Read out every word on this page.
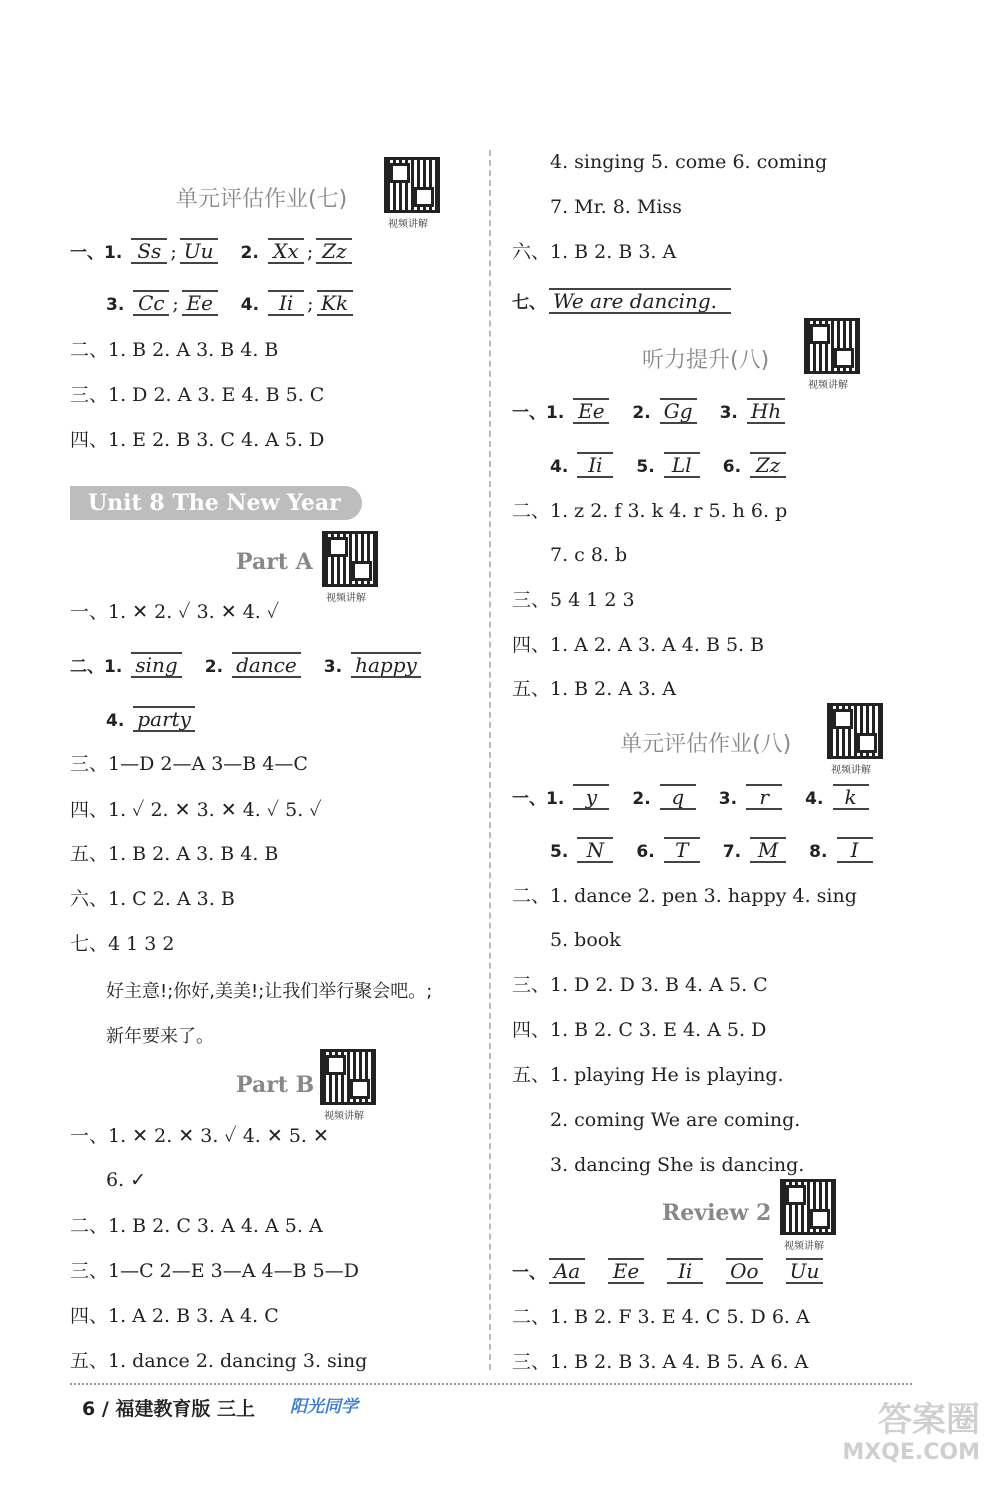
单元评估作业(七)
视频讲解
一、1. Ss ; Uu 2. Xx ; Zz
3. Cc ; Ee 4. Ii ; Kk
二、1. B 2. A 3. B 4. B
三、1. D 2. A 3. E 4. B 5. C
四、1. E 2. B 3. C 4. A 5. D
Unit 8 The New Year
Part A
视频讲解
一、1. ✕ 2. ✓ 3. ✕ 4. ✓
二、1. sing 2. dance 3. happy
4. party
三、1—D 2—A 3—B 4—C
四、1. ✓ 2. ✕ 3. ✕ 4. ✓ 5. ✓
五、1. B 2. A 3. B 4. B
六、1. C 2. A 3. B
七、4 1 3 2
好主意!;你好,美美!;让我们举行聚会吧。;
新年要来了。
Part B
视频讲解
一、1. ✕ 2. ✕ 3. ✓ 4. ✕ 5. ✕
6. ✓
二、1. B 2. C 3. A 4. A 5. A
三、1—C 2—E 3—A 4—B 5—D
四、1. A 2. B 3. A 4. C
五、1. dance 2. dancing 3. sing
4. singing 5. come 6. coming
7. Mr. 8. Miss
六、1. B 2. B 3. A
七、 We are dancing.
听力提升(八)
视频讲解
一、1. Ee 2. Gg 3. Hh
4. Ii 5. Ll 6. Zz
二、1. z 2. f 3. k 4. r 5. h 6. p
7. c 8. b
三、5 4 1 2 3
四、1. A 2. A 3. A 4. B 5. B
五、1. B 2. A 3. A
单元评估作业(八)
视频讲解
一、1. y 2. q 3. r 4. k
5. N 6. T 7. M 8. I
二、1. dance 2. pen 3. happy 4. sing
5. book
三、1. D 2. D 3. B 4. A 5. C
四、1. B 2. C 3. E 4. A 5. D
五、1. playing He is playing.
2. coming We are coming.
3. dancing She is dancing.
Review 2
视频讲解
一、 Aa Ee Ii Oo Uu
二、1. B 2. F 3. E 4. C 5. D 6. A
三、1. B 2. B 3. A 4. B 5. A 6. A
6 / 福建教育版 三上 阳光同学	答案圈
MXQE.COM
